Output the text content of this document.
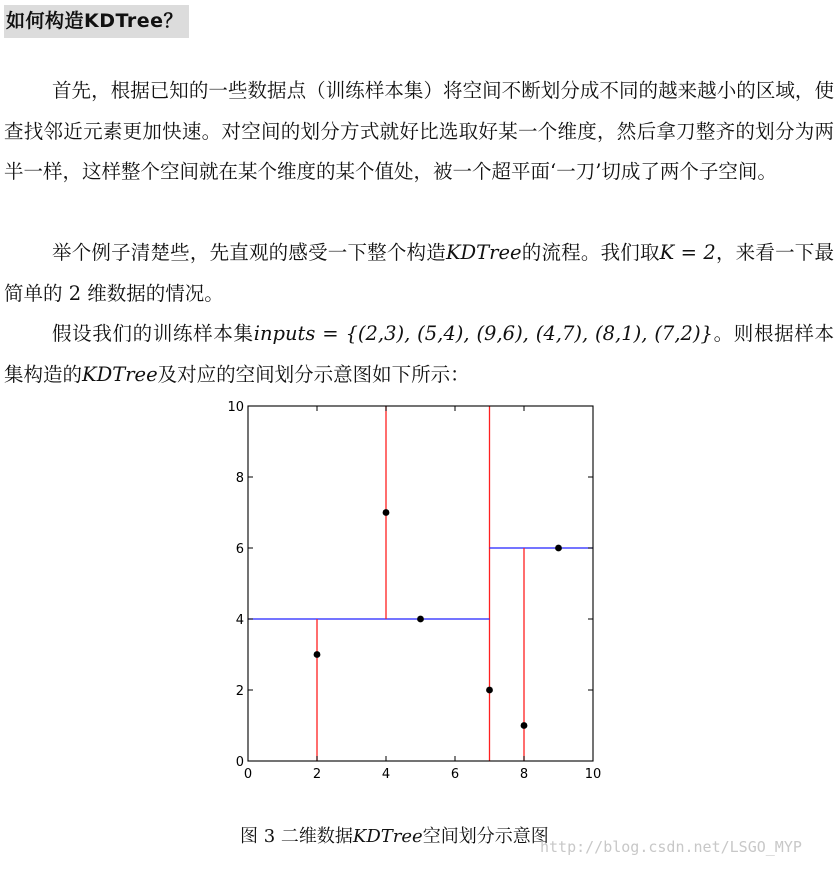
如何构造KDTree？

首先，根据已知的一些数据点（训练样本集）将空间不断划分成不同的越来越小的区域，使查找邻近元素更加快速。对空间的划分方式就好比选取好某一个维度，然后拿刀整齐的划分为两半一样，这样整个空间就在某个维度的某个值处，被一个超平面‘一刀’切成了两个子空间。

举个例子清楚些，先直观的感受一下整个构造KDTree的流程。我们取K = 2，来看一下最简单的 2 维数据的情况。

假设我们的训练样本集inputs = {(2,3), (5,4), (9,6), (4,7), (8,1), (7,2)}。则根据样本集构造的KDTree及对应的空间划分示意图如下所示：

0	2	4	6	8	10
0
2
4
6
8
10
图 3 二维数据KDTree空间划分示意图
http://blog.csdn.net/LSGO_MYP
